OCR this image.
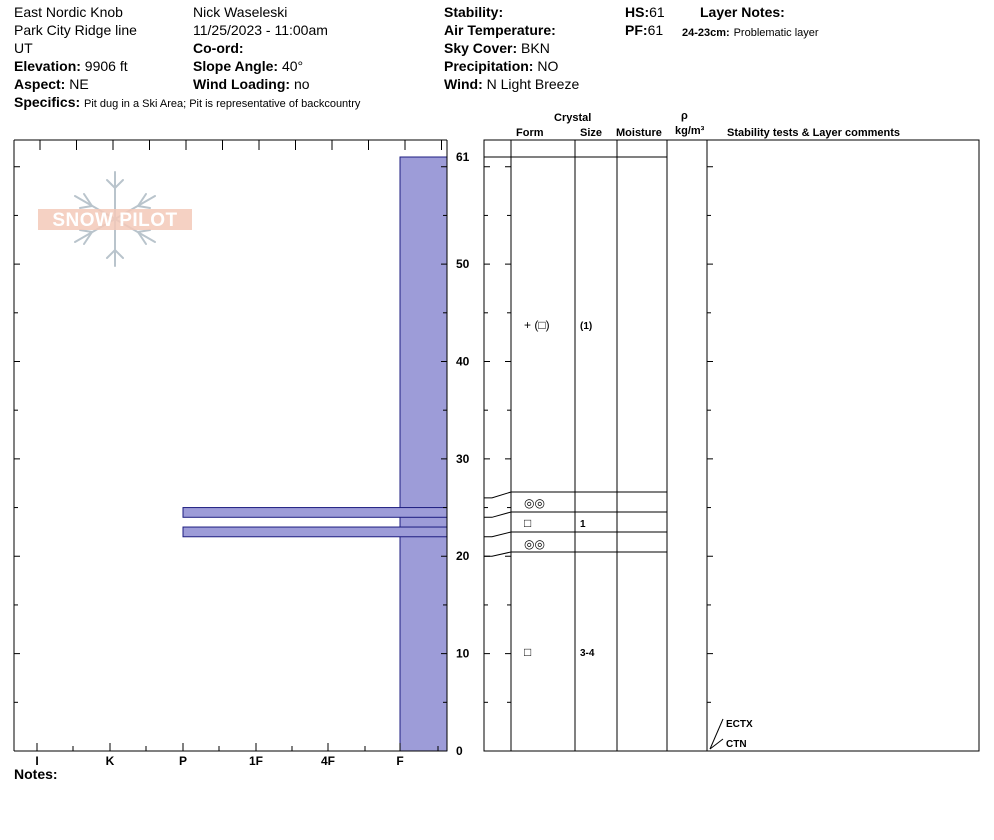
East Nordic Knob
Park City Ridge line
UT
Elevation: 9906 ft
Aspect: NE
Specifics: Pit dug in a Ski Area; Pit is representative of backcountry
Nick Waseleski
11/25/2023 - 11:00am
Co-ord:
Slope Angle: 40°
Wind Loading: no
Stability:
Air Temperature:
Sky Cover: BKN
Precipitation: NO
Wind: N Light Breeze
HS:61
PF:61
Layer Notes:
24-23cm: Problematic layer
Crystal
Form	Size Moisture
ρ
kg/m³ Stability tests & Layer comments
Notes:
SNOW PILOT
0
10
20
30
40
50
61
I	K	P	1F	4F	F
+ (□)	(1)
◎◎
□	1
◎◎
□	3-4
ECTX
CTN
